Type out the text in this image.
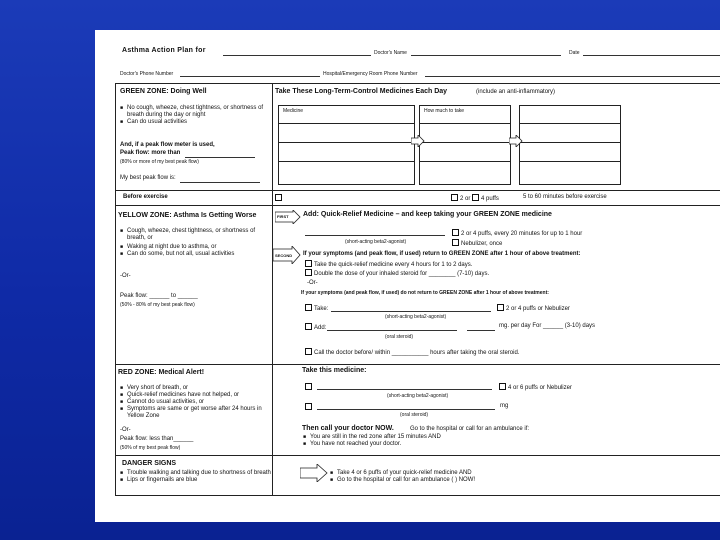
Asthma Action Plan for	Doctor's Name	Date
Doctor's Phone Number	Hospital/Emergency Room Phone Number
GREEN ZONE: Doing Well
■ No cough, wheeze, chest tightness, or shortness of breath during the day or night
■ Can do usual activities
And, if a peak flow meter is used,
Peak flow: more than
(80% or more of my best peak flow)
My best peak flow is:
Take These Long-Term-Control Medicines Each Day	(include an anti-inflammatory)
Medicine	How much to take
Before exercise	2 or 4 puffs	5 to 60 minutes before exercise
YELLOW ZONE: Asthma Is Getting Worse
■ Cough, wheeze, chest tightness, or shortness of breath, or
■ Waking at night due to asthma, or
■ Can do some, but not all, usual activities
-Or-
Peak flow: ______ to ______
(50% - 80% of my best peak flow)
FIRST Add: Quick-Relief Medicine – and keep taking your GREEN ZONE medicine
(short-acting beta2-agonist)
2 or 4 puffs, every 20 minutes for up to 1 hour
Nebulizer, once
SECOND If your symptoms (and peak flow, if used) return to GREEN ZONE after 1 hour of above treatment:
Take the quick-relief medicine every 4 hours for 1 to 2 days.
Double the dose of your inhaled steroid for ________ (7-10) days.
-Or-
If your symptoms (and peak flow, if used) do not return to GREEN ZONE after 1 hour of above treatment:
Take:
(short-acting beta2-agonist)
2 or 4 puffs or Nebulizer
Add:
(oral steroid)
mg. per day For ______ (3-10) days
Call the doctor before/ within ___________ hours after taking the oral steroid.
RED ZONE: Medical Alert!
■ Very short of breath, or
■ Quick-relief medicines have not helped, or
■ Cannot do usual activities, or
■ Symptoms are same or get worse after 24 hours in Yellow Zone
-Or-
Peak flow: less than______
(50% of my best peak flow)
Take this medicine:
(short-acting beta2-agonist)
4 or 6 puffs or Nebulizer
mg
(oral steroid)
Then call your doctor NOW.	Go to the hospital or call for an ambulance if:
■ You are still in the red zone after 15 minutes AND
■ You have not reached your doctor.
DANGER SIGNS
■ Trouble walking and talking due to shortness of breath
■ Lips or fingernails are blue
■ Take 4 or 6 puffs of your quick-relief medicine AND
■ Go to the hospital or call for an ambulance ( ) NOW!
